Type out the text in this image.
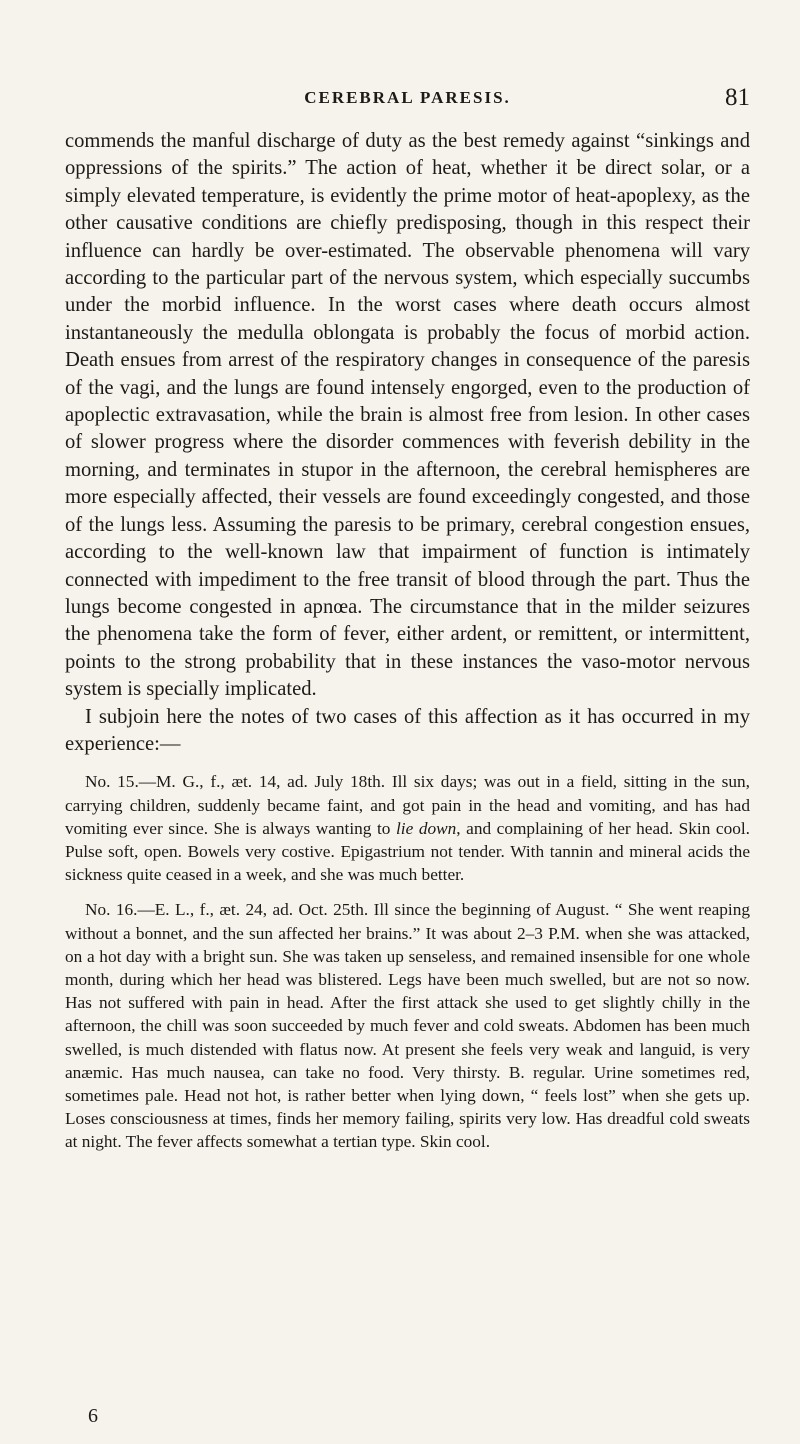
CEREBRAL PARESIS.	81

commends the manful discharge of duty as the best remedy against “sinkings and oppressions of the spirits.” The action of heat, whether it be direct solar, or a simply elevated temperature, is evidently the prime motor of heat-apoplexy, as the other causative conditions are chiefly predisposing, though in this respect their influence can hardly be over-estimated. The observable phenomena will vary according to the particular part of the nervous system, which especially succumbs under the morbid influence. In the worst cases where death occurs almost instantaneously the medulla oblongata is probably the focus of morbid action. Death ensues from arrest of the respiratory changes in consequence of the paresis of the vagi, and the lungs are found intensely engorged, even to the production of apoplectic extravasation, while the brain is almost free from lesion. In other cases of slower progress where the disorder commences with feverish debility in the morning, and terminates in stupor in the afternoon, the cerebral hemispheres are more especially affected, their vessels are found exceedingly congested, and those of the lungs less. Assuming the paresis to be primary, cerebral congestion ensues, according to the well-known law that impairment of function is intimately connected with impediment to the free transit of blood through the part. Thus the lungs become congested in apnœa. The circumstance that in the milder seizures the phenomena take the form of fever, either ardent, or remittent, or intermittent, points to the strong probability that in these instances the vaso-motor nervous system is specially implicated.

I subjoin here the notes of two cases of this affection as it has occurred in my experience:—

No. 15.—M. G., f., æt. 14, ad. July 18th. Ill six days; was out in a field, sitting in the sun, carrying children, suddenly became faint, and got pain in the head and vomiting, and has had vomiting ever since. She is always wanting to lie down, and complaining of her head. Skin cool. Pulse soft, open. Bowels very costive. Epigastrium not tender. With tannin and mineral acids the sickness quite ceased in a week, and she was much better.

No. 16.—E. L., f., æt. 24, ad. Oct. 25th. Ill since the beginning of August. “ She went reaping without a bonnet, and the sun affected her brains.” It was about 2–3 P.M. when she was attacked, on a hot day with a bright sun. She was taken up senseless, and remained insensible for one whole month, during which her head was blistered. Legs have been much swelled, but are not so now. Has not suffered with pain in head. After the first attack she used to get slightly chilly in the afternoon, the chill was soon succeeded by much fever and cold sweats. Abdomen has been much swelled, is much distended with flatus now. At present she feels very weak and languid, is very anæmic. Has much nausea, can take no food. Very thirsty. B. regular. Urine sometimes red, sometimes pale. Head not hot, is rather better when lying down, “ feels lost” when she gets up. Loses consciousness at times, finds her memory failing, spirits very low. Has dreadful cold sweats at night. The fever affects somewhat a tertian type. Skin cool.

6
